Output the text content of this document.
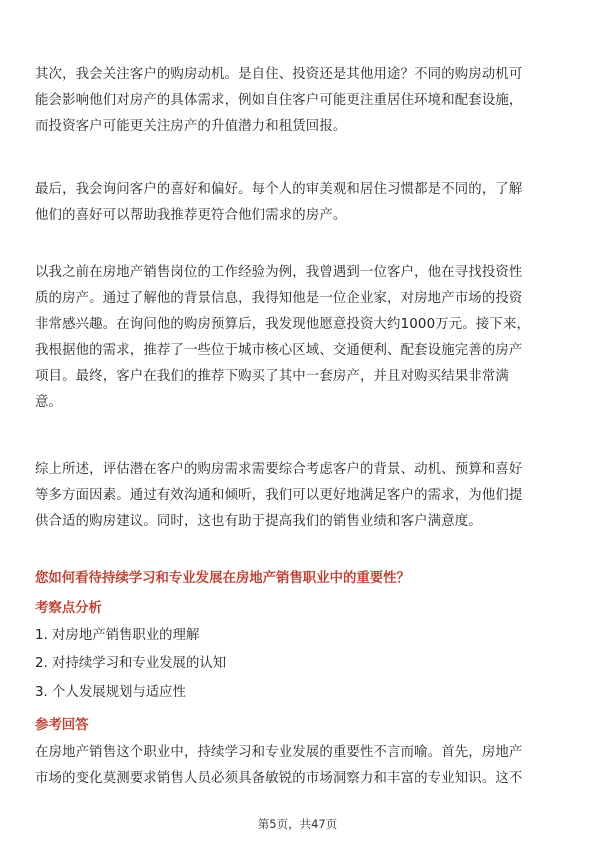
其次，我会关注客户的购房动机。是自住、投资还是其他用途？不同的购房动机可
能会影响他们对房产的具体需求，例如自住客户可能更注重居住环境和配套设施，
而投资客户可能更关注房产的升值潜力和租赁回报。
最后，我会询问客户的喜好和偏好。每个人的审美观和居住习惯都是不同的，了解
他们的喜好可以帮助我推荐更符合他们需求的房产。
以我之前在房地产销售岗位的工作经验为例，我曾遇到一位客户，他在寻找投资性
质的房产。通过了解他的背景信息，我得知他是一位企业家，对房地产市场的投资
非常感兴趣。在询问他的购房预算后，我发现他愿意投资大约1000万元。接下来，
我根据他的需求，推荐了一些位于城市核心区域、交通便利、配套设施完善的房产
项目。最终，客户在我们的推荐下购买了其中一套房产，并且对购买结果非常满
意。
综上所述，评估潜在客户的购房需求需要综合考虑客户的背景、动机、预算和喜好
等多方面因素。通过有效沟通和倾听，我们可以更好地满足客户的需求，为他们提
供合适的购房建议。同时，这也有助于提高我们的销售业绩和客户满意度。

您如何看待持续学习和专业发展在房地产销售职业中的重要性？

考察点分析

1. 对房地产销售职业的理解

2. 对持续学习和专业发展的认知

3. 个人发展规划与适应性

参考回答

在房地产销售这个职业中，持续学习和专业发展的重要性不言而喻。首先，房地产
市场的变化莫测要求销售人员必须具备敏锐的市场洞察力和丰富的专业知识。这不
第5页，共47页
